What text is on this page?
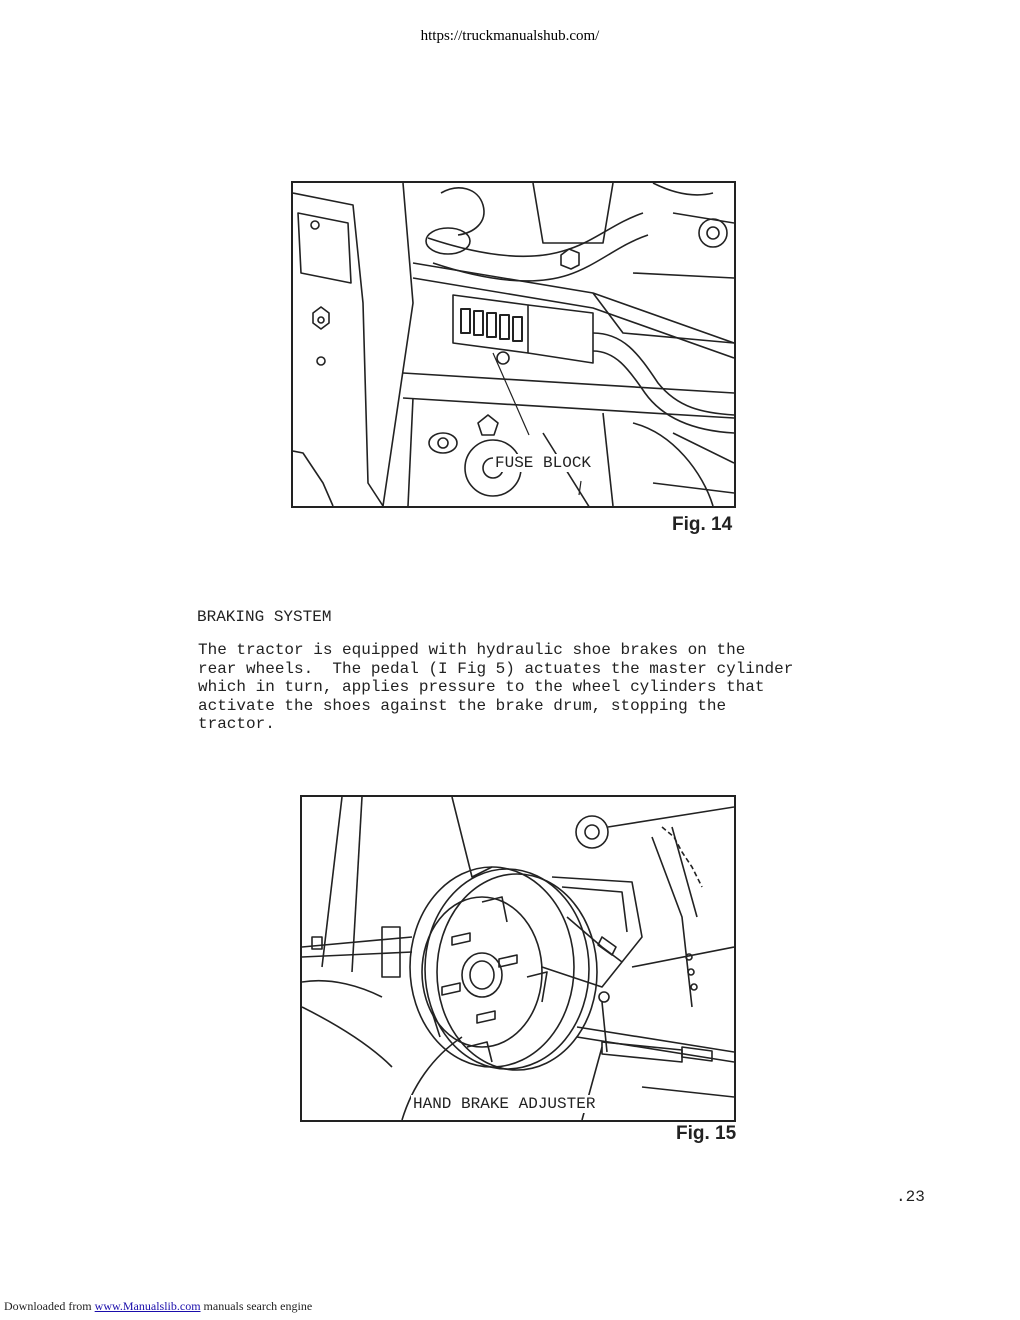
https://truckmanualshub.com/
FUSE BLOCK
Fig. 14
BRAKING SYSTEM
The tractor is equipped with hydraulic shoe brakes on the
rear wheels.  The pedal (I Fig 5) actuates the master cylinder
which in turn, applies pressure to the wheel cylinders that
activate the shoes against the brake drum, stopping the
tractor.
HAND BRAKE ADJUSTER
Fig. 15
.23
Downloaded from www.Manualslib.com manuals search engine
